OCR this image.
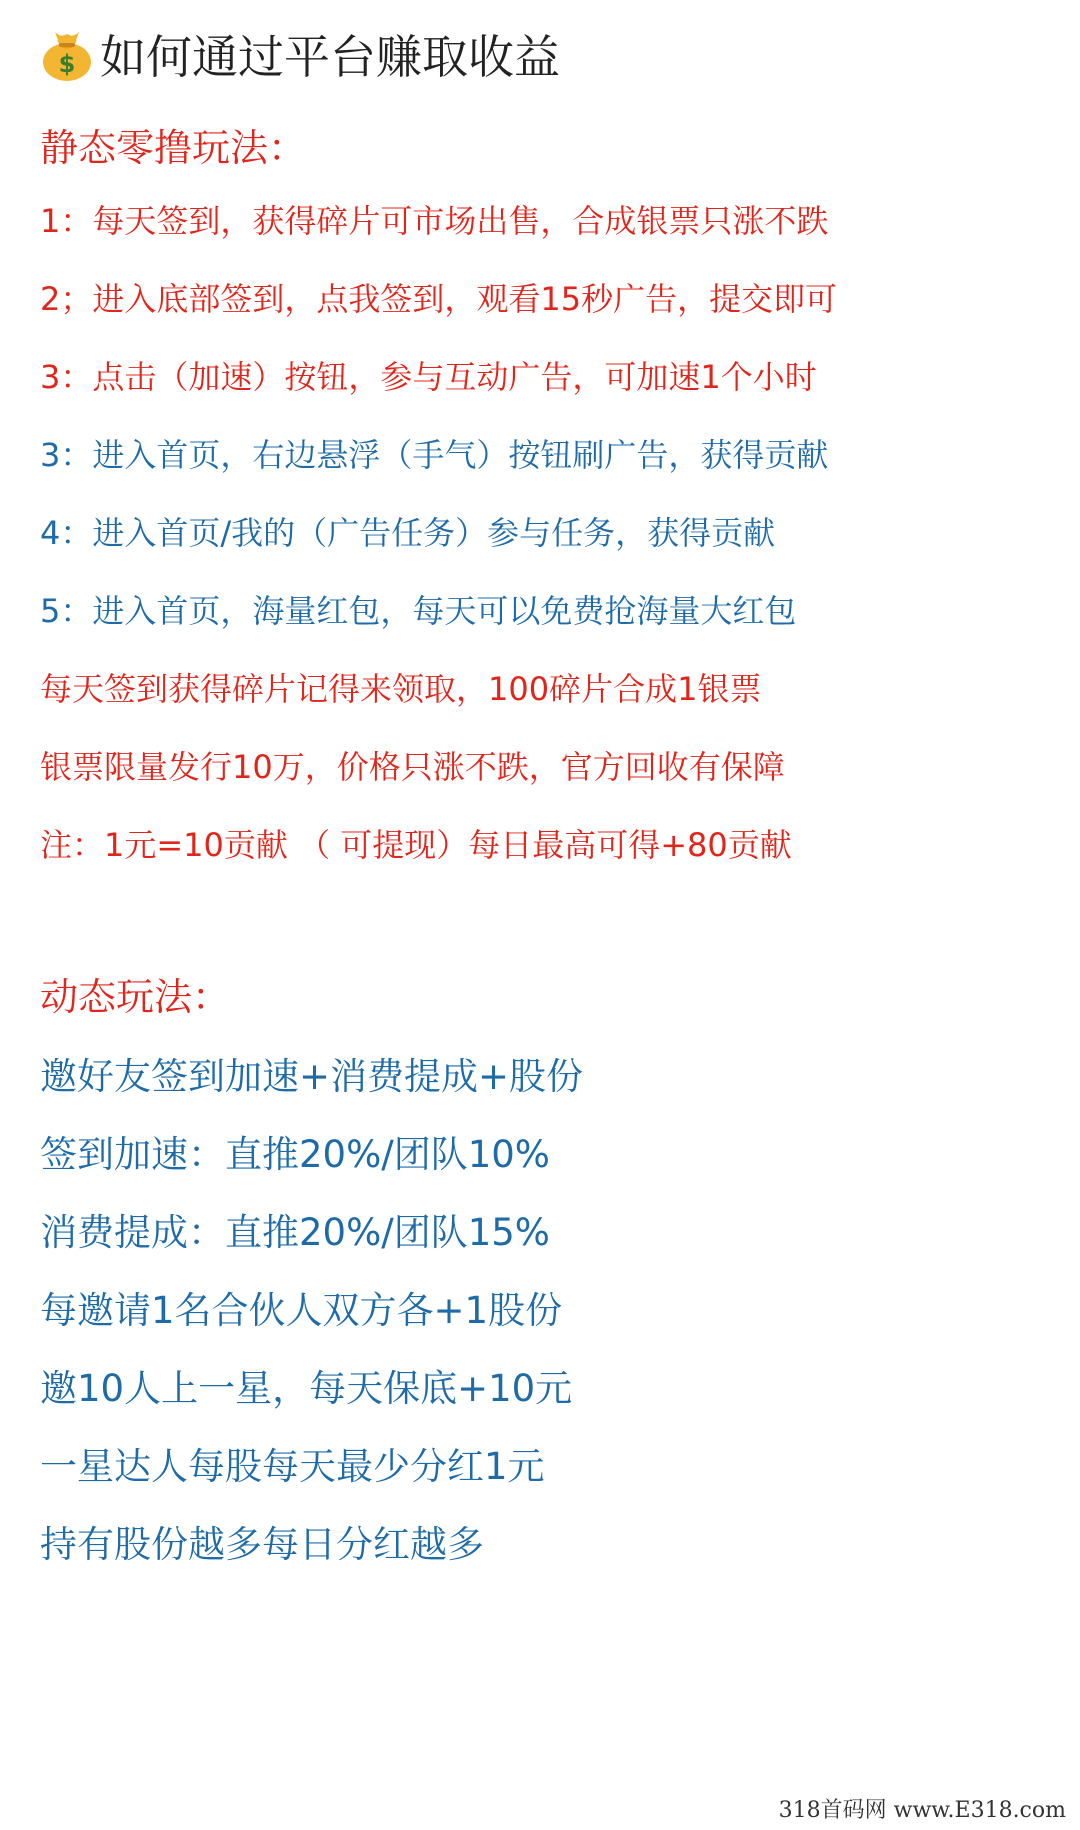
$ 如何通过平台赚取收益
静态零撸玩法：
1：每天签到，获得碎片可市场出售，合成银票只涨不跌
2；进入底部签到，点我签到，观看15秒广告，提交即可
3：点击（加速）按钮，参与互动广告，可加速1个小时
3：进入首页，右边悬浮（手气）按钮刷广告，获得贡献
4：进入首页/我的（广告任务）参与任务，获得贡献
5：进入首页，海量红包，每天可以免费抢海量大红包
每天签到获得碎片记得来领取，100碎片合成1银票
银票限量发行10万，价格只涨不跌，官方回收有保障
注：1元=10贡献 （ 可提现）每日最高可得+80贡献
动态玩法：
邀好友签到加速+消费提成+股份
签到加速：直推20%/团队10%
消费提成：直推20%/团队15%
每邀请1名合伙人双方各+1股份
邀10人上一星，每天保底+10元
一星达人每股每天最少分红1元
持有股份越多每日分红越多
318首码网 www.E318.com
